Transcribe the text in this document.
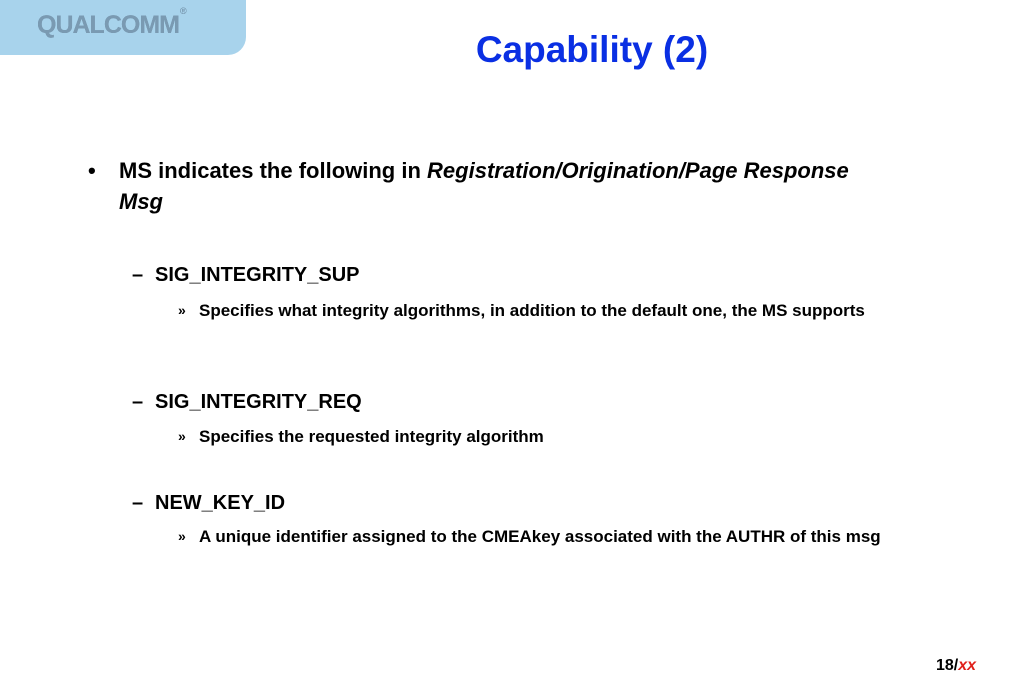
QUALCOMM®
Capability (2)
• MS indicates the following in Registration/Origination/Page Response Msg
– SIG_INTEGRITY_SUP
» Specifies what integrity algorithms, in addition to the default one, the MS supports
– SIG_INTEGRITY_REQ
» Specifies the requested integrity algorithm
– NEW_KEY_ID
» A unique identifier assigned to the CMEAkey associated with the AUTHR of this msg
18/xx
